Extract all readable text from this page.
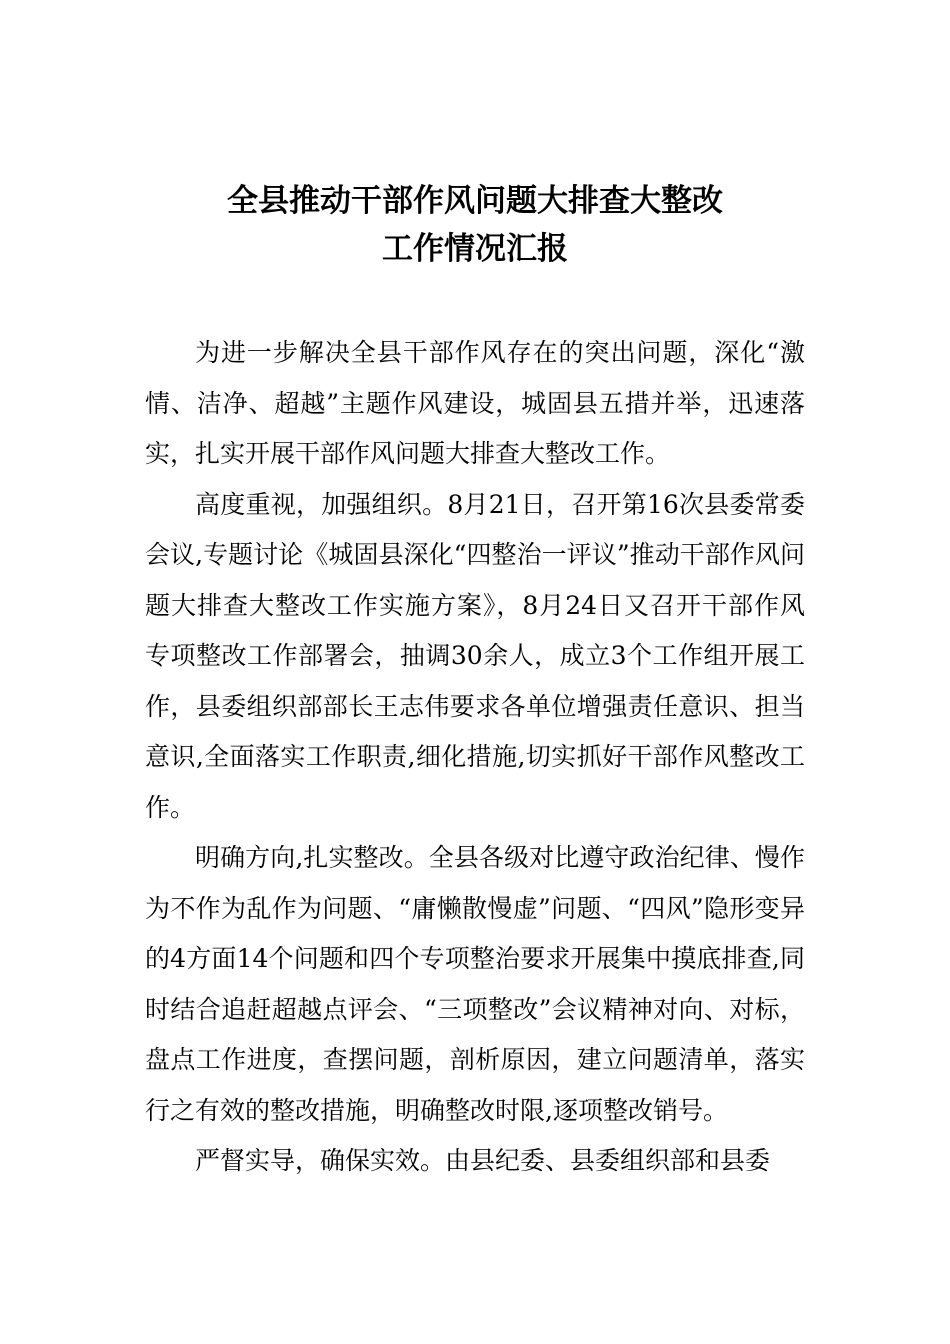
全县推动干部作风问题大排查大整改
工作情况汇报

为进一步解决全县干部作风存在的突出问题，深化“激情、洁净、超越”主题作风建设，城固县五措并举，迅速落实，扎实开展干部作风问题大排查大整改工作。

高度重视，加强组织。8月21日，召开第16次县委常委会议,专题讨论《城固县深化“四整治一评议”推动干部作风问题大排查大整改工作实施方案》，8月24日又召开干部作风专项整改工作部署会，抽调30余人，成立3个工作组开展工作，县委组织部部长王志伟要求各单位增强责任意识、担当意识,全面落实工作职责,细化措施,切实抓好干部作风整改工作。

明确方向,扎实整改。全县各级对比遵守政治纪律、慢作为不作为乱作为问题、“庸懒散慢虚”问题、“四风”隐形变异的4方面14个问题和四个专项整治要求开展集中摸底排查,同时结合追赶超越点评会、“三项整改”会议精神对向、对标，盘点工作进度，查摆问题，剖析原因，建立问题清单，落实行之有效的整改措施，明确整改时限,逐项整改销号。

严督实导，确保实效。由县纪委、县委组织部和县委
